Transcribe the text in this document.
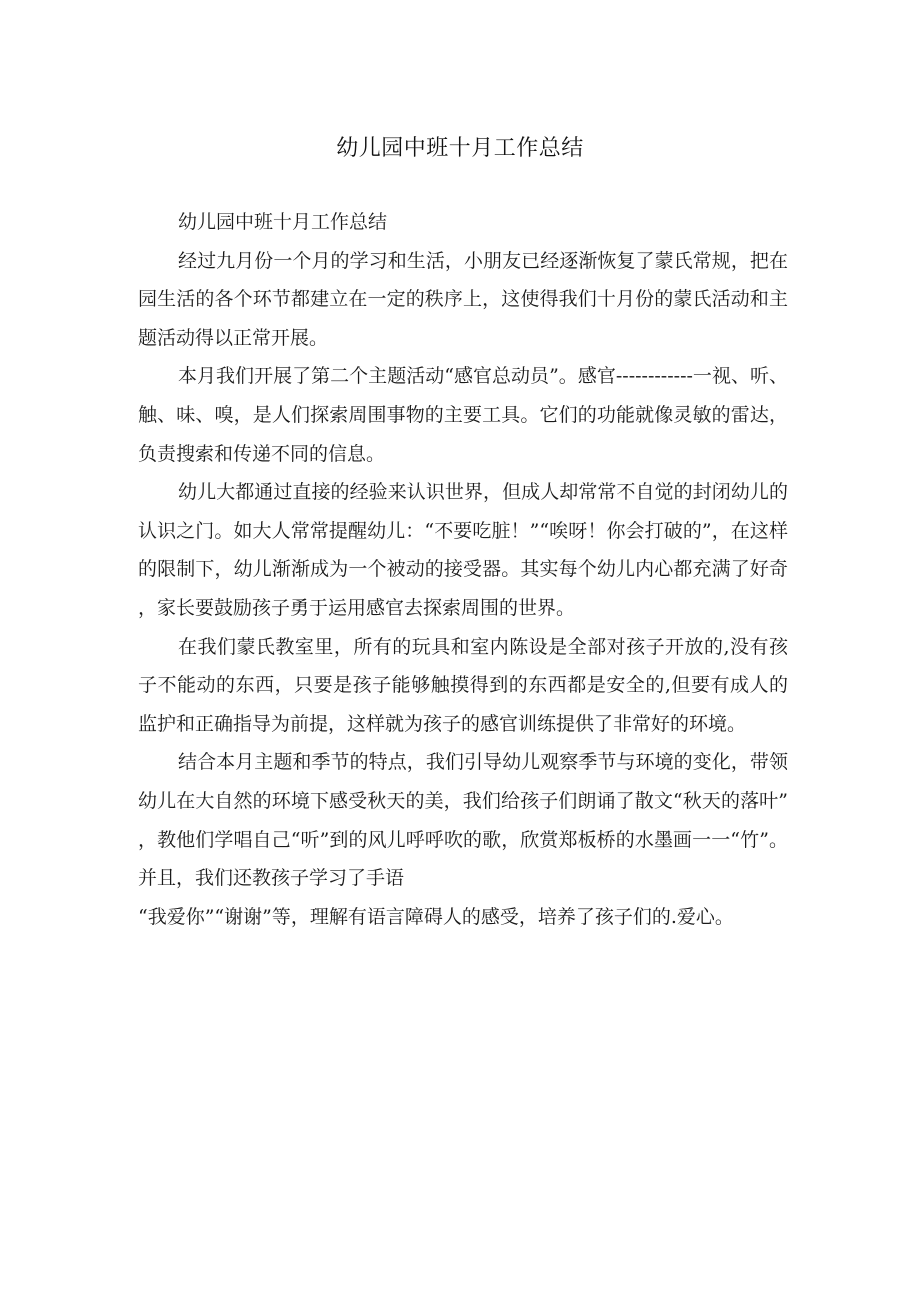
幼儿园中班十月工作总结

幼儿园中班十月工作总结

经过九月份一个月的学习和生活，小朋友已经逐渐恢复了蒙氏常规，把在园生活的各个环节都建立在一定的秩序上，这使得我们十月份的蒙氏活动和主题活动得以正常开展。

本月我们开展了第二个主题活动“感官总动员”。感官------------一视、听、触、味、嗅，是人们探索周围事物的主要工具。它们的功能就像灵敏的雷达，负责搜索和传递不同的信息。

幼儿大都通过直接的经验来认识世界，但成人却常常不自觉的封闭幼儿的认识之门。如大人常常提醒幼儿：“不要吃脏！”“唉呀！你会打破的”，在这样的限制下，幼儿渐渐成为一个被动的接受器。其实每个幼儿内心都充满了好奇，家长要鼓励孩子勇于运用感官去探索周围的世界。

在我们蒙氏教室里，所有的玩具和室内陈设是全部对孩子开放的,没有孩子不能动的东西，只要是孩子能够触摸得到的东西都是安全的,但要有成人的监护和正确指导为前提，这样就为孩子的感官训练提供了非常好的环境。

结合本月主题和季节的特点，我们引导幼儿观察季节与环境的变化，带领幼儿在大自然的环境下感受秋天的美，我们给孩子们朗诵了散文“秋天的落叶”，教他们学唱自己“听”到的风儿呼呼吹的歌，欣赏郑板桥的水墨画一一“竹”。并且，我们还教孩子学习了手语

“我爱你”“谢谢”等，理解有语言障碍人的感受，培养了孩子们的.爱心。
